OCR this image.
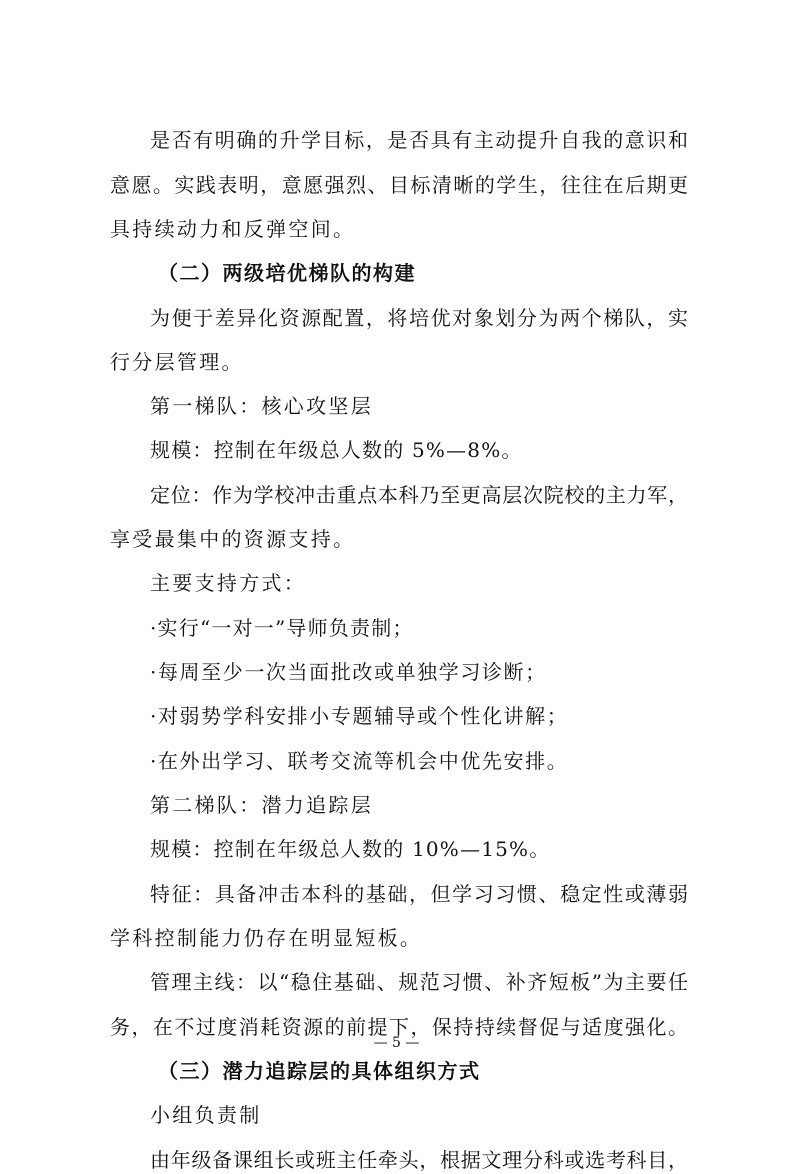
是否有明确的升学目标，是否具有主动提升自我的意识和
意愿。实践表明，意愿强烈、目标清晰的学生，往往在后期更
具持续动力和反弹空间。
（二）两级培优梯队的构建
为便于差异化资源配置，将培优对象划分为两个梯队，实
行分层管理。
第一梯队：核心攻坚层
规模：控制在年级总人数的 5%—8%。
定位：作为学校冲击重点本科乃至更高层次院校的主力军，
享受最集中的资源支持。
主要支持方式：
·实行“一对一”导师负责制；
·每周至少一次当面批改或单独学习诊断；
·对弱势学科安排小专题辅导或个性化讲解；
·在外出学习、联考交流等机会中优先安排。
第二梯队：潜力追踪层
规模：控制在年级总人数的 10%—15%。
特征：具备冲击本科的基础，但学习习惯、稳定性或薄弱
学科控制能力仍存在明显短板。
管理主线：以“稳住基础、规范习惯、补齐短板”为主要任
务，在不过度消耗资源的前提下，保持持续督促与适度强化。
（三）潜力追踪层的具体组织方式
小组负责制
由年级备课组长或班主任牵头，根据文理分科或选考科目，
— 5 —
